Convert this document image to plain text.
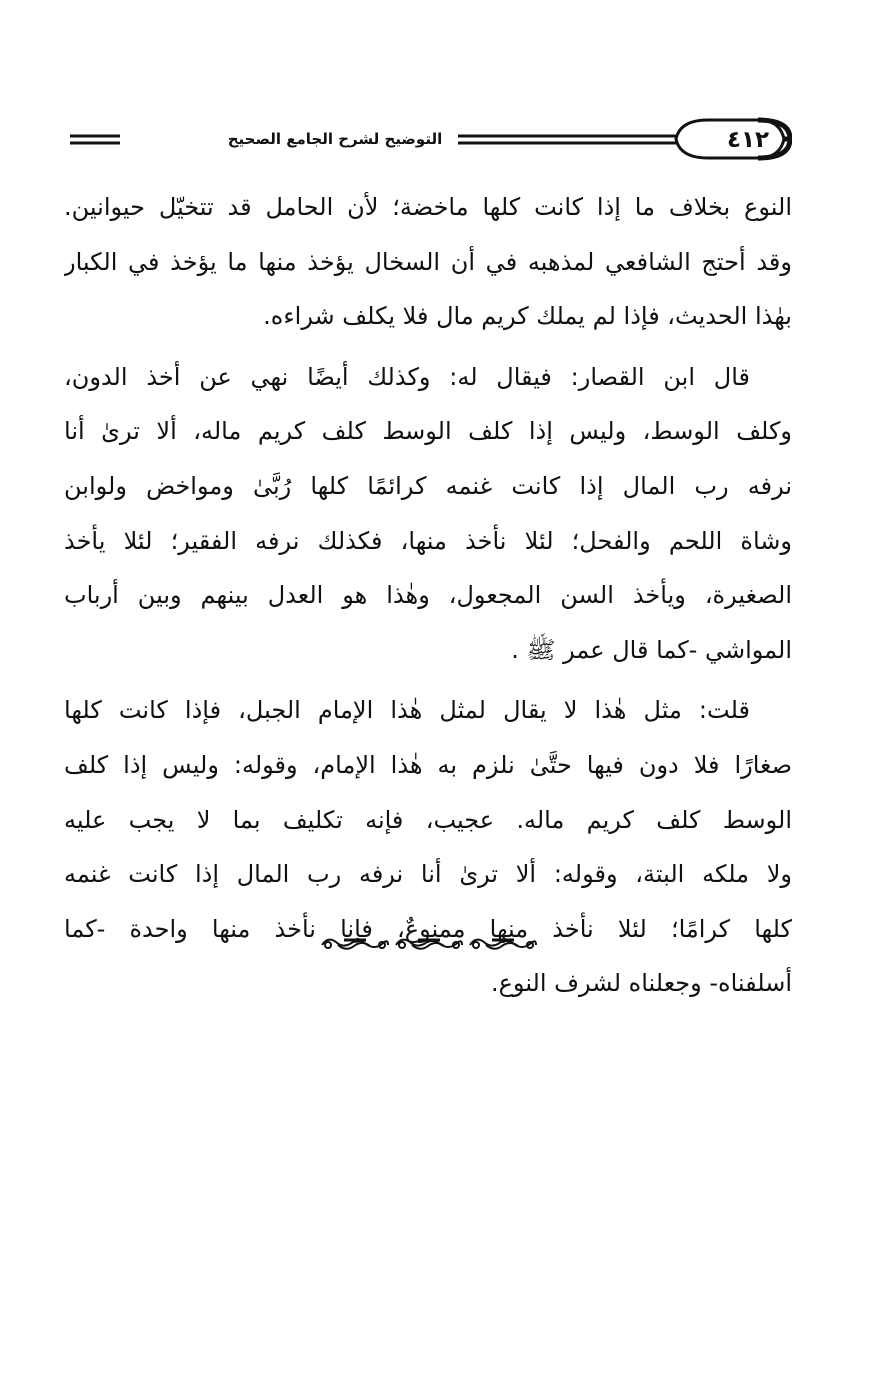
التوضيح لشرح الجامع الصحيح	٤١٢
النوع بخلاف ما إذا كانت كلها ماخضة؛ لأن الحامل قد تتخيّل حيوانين.
وقد أحتج الشافعي لمذهبه في أن السخال يؤخذ منها ما يؤخذ في الكبار
بهٰذا الحديث، فإذا لم يملك كريم مال فلا يكلف شراءه.
قال ابن القصار: فيقال له: وكذلك أيضًا نهي عن أخذ الدون،
وكلف الوسط، وليس إذا كلف الوسط كلف كريم ماله، ألا ترىٰ أنا
نرفه رب المال إذا كانت غنمه كرائمًا كلها رُبَّىٰ ومواخض ولوابن
وشاة اللحم والفحل؛ لئلا نأخذ منها، فكذلك نرفه الفقير؛ لئلا يأخذ
الصغيرة، ويأخذ السن المجعول، وهٰذا هو العدل بينهم وبين أرباب
المواشي -كما قال عمر ﷺ .
قلت: مثل هٰذا لا يقال لمثل هٰذا الإمام الجبل، فإذا كانت كلها
صغارًا فلا دون فيها حتَّىٰ نلزم به هٰذا الإمام، وقوله: وليس إذا كلف
الوسط كلف كريم ماله. عجيب، فإنه تكليف بما لا يجب عليه
ولا ملكه البتة، وقوله: ألا ترىٰ أنا نرفه رب المال إذا كانت غنمه
كلها كرامًا؛ لئلا نأخذ منها ممنوعٌ، فإنا نأخذ منها واحدة -كما
أسلفناه- وجعلناه لشرف النوع.
